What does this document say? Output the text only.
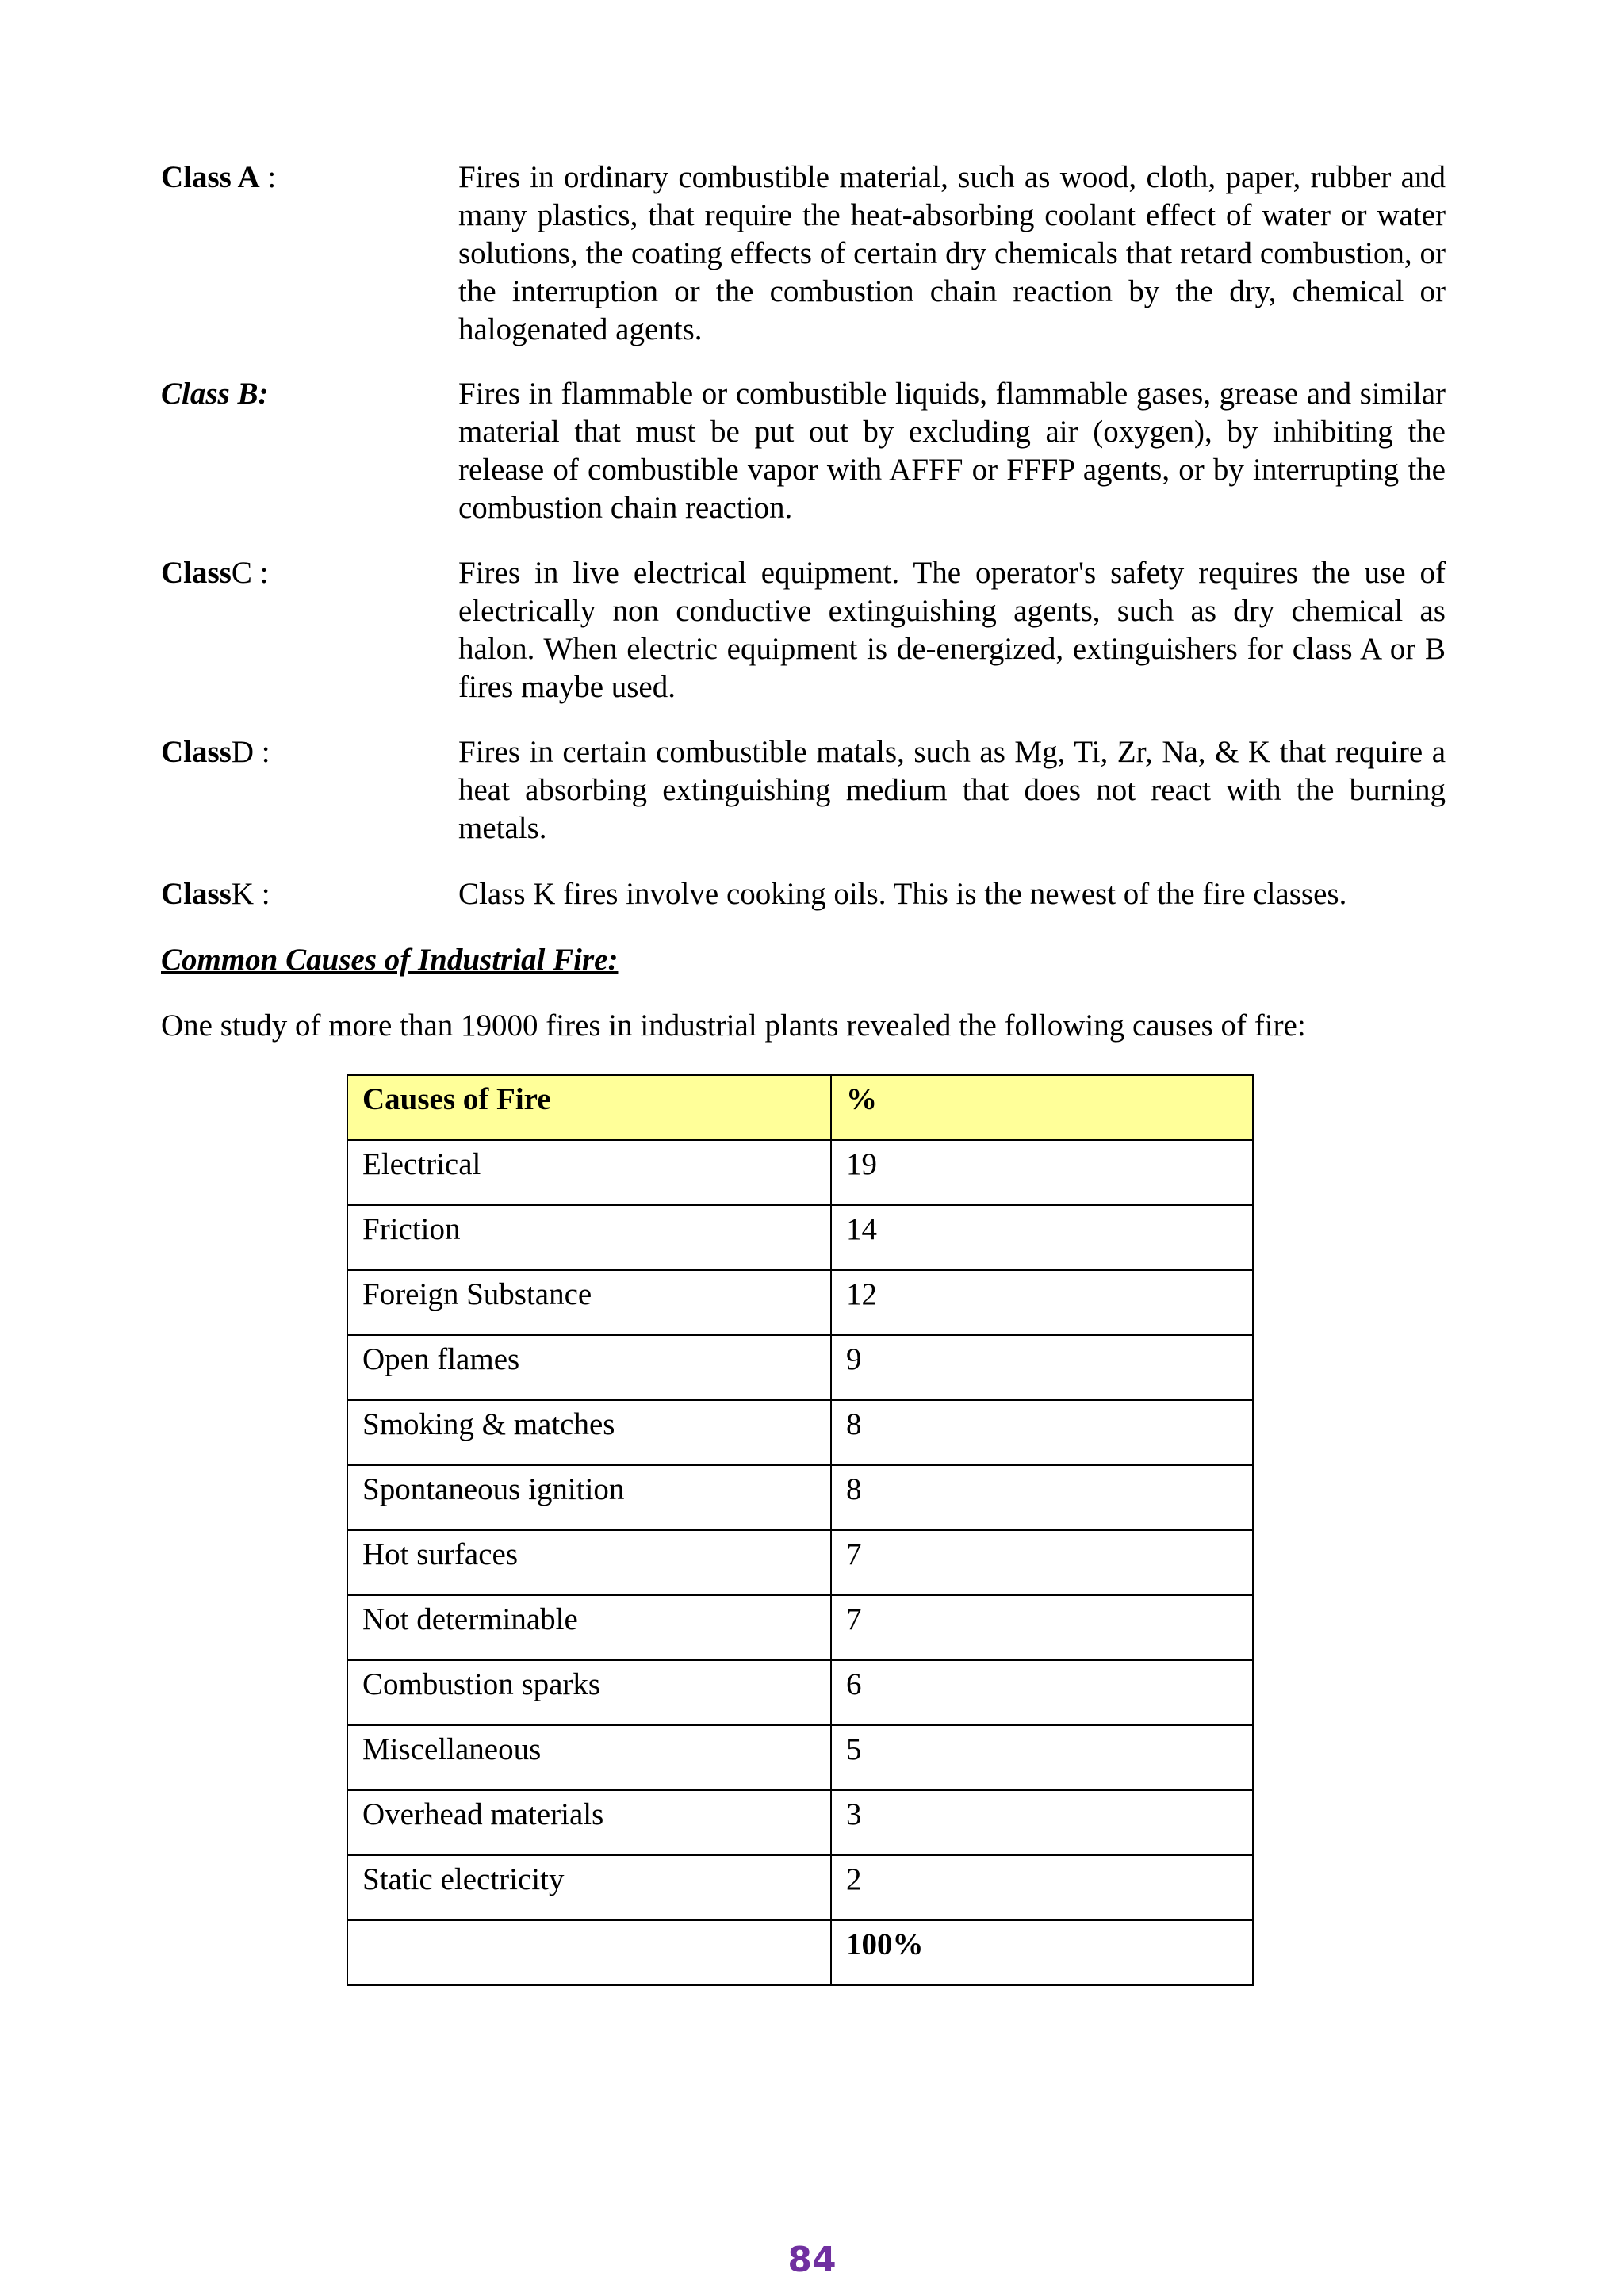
Class A :	Fires in ordinary combustible material, such as wood, cloth, paper, rubber and many plastics, that require the heat-absorbing coolant effect of water or water solutions, the coating effects of certain dry chemicals that retard combustion, or the interruption or the combustion chain reaction by the dry, chemical or halogenated agents.
Class B:	Fires in flammable or combustible liquids, flammable gases, grease and similar material that must be put out by excluding air (oxygen), by inhibiting the release of combustible vapor with AFFF or FFFP agents, or by interrupting the combustion chain reaction.
ClassC :	Fires in live electrical equipment. The operator's safety requires the use of electrically non conductive extinguishing agents, such as dry chemical as halon. When electric equipment is de-energized, extinguishers for class A or B fires maybe used.
ClassD :	Fires in certain combustible matals, such as Mg, Ti, Zr, Na, & K that require a heat absorbing extinguishing medium that does not react with the burning metals.
ClassK :	Class K fires involve cooking oils. This is the newest of the fire classes.
Common Causes of Industrial Fire:
One study of more than 19000 fires in industrial plants revealed the following causes of fire:
Causes of Fire	%

Electrical	19

Friction	14

Foreign Substance	12

Open flames	9

Smoking & matches	8

Spontaneous ignition	8

Hot surfaces	7

Not determinable	7

Combustion sparks	6

Miscellaneous	5

Overhead materials	3

Static electricity	2

	100%
84
